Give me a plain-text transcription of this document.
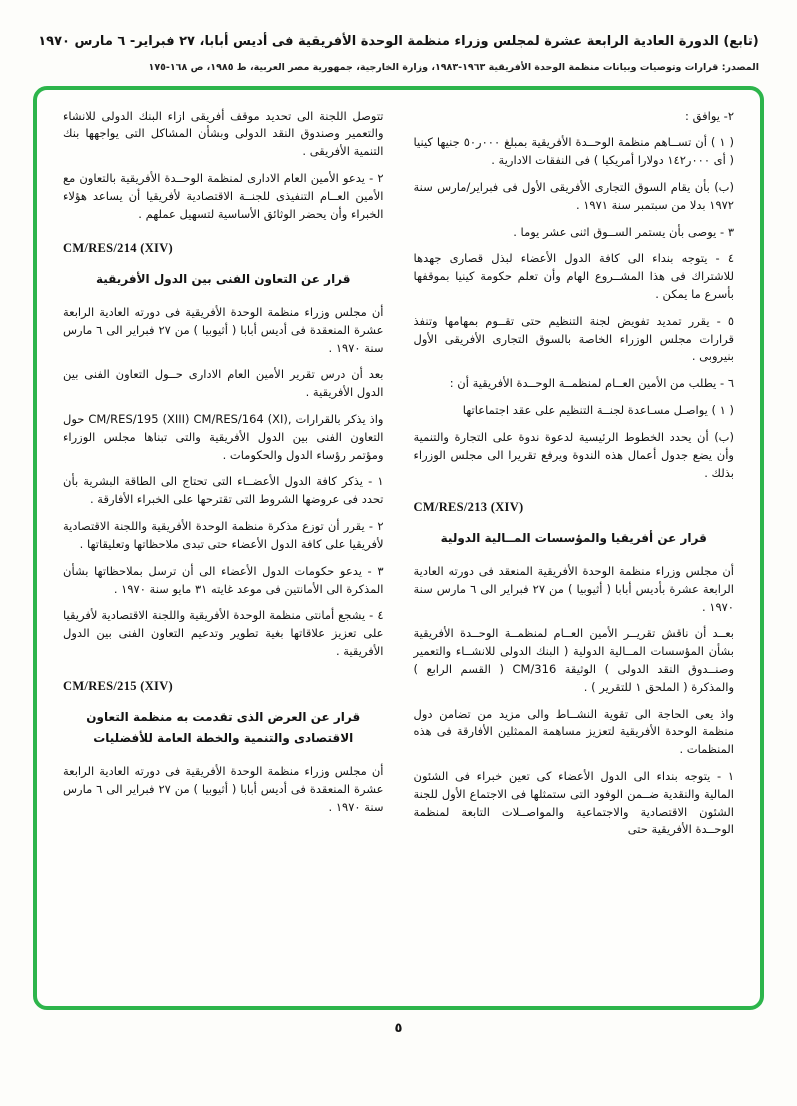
(تابع) الدورة العادية الرابعة عشرة لمجلس وزراء منظمة الوحدة الأفريقية فى أديس أبابا، ٢٧ فبراير- ٦ مارس ١٩٧٠
المصدر: قرارات وتوصيات وبيانات منظمة الوحدة الأفريقية ١٩٦٣-١٩٨٣، وزارة الخارجية، جمهورية مصر العربية، ط ١٩٨٥، ص ١٦٨-١٧٥
٢- يوافق :
( ١ ) أن تســاهم منظمة الوحــدة الأفريقية بمبلغ ٠٠٠ر٥٠ جنيها كينيا ( أى ٠٠٠ر١٤٢ دولارا أمريكيا ) فى النفقات الادارية .
(ب) بأن يقام السوق التجارى الأفريقى الأول فى فبراير/مارس سنة ١٩٧٢ بدلا من سبتمبر سنة ١٩٧١ .
٣ - يوصى بأن يستمر الســوق اثنى عشر يوما .
٤ - يتوجه بنداء الى كافة الدول الأعضاء لبذل قصارى جهدها للاشتراك فى هذا المشــروع الهام وأن تعلم حكومة كينيا بموقفها بأسرع ما يمكن .
٥ - يقرر تمديد تفويض لجنة التنظيم حتى تقــوم بمهامها وتنفذ قرارات مجلس الوزراء الخاصة بالسوق التجارى الأفريقى الأول بنيروبى .
٦ - يطلب من الأمين العــام لمنظمــة الوحــدة الأفريقية أن :
( ١ ) يواصـل مسـاعدة لجنــة التنظيم على عقد اجتماعاتها
(ب) أن يحدد الخطوط الرئيسية لدعوة ندوة على التجارة والتنمية وأن يضع جدول أعمال هذه الندوة ويرفع تقريرا الى مجلس الوزراء بذلك .
CM/RES/213 (XIV)
قرار عن أفريقيا والمؤسسات المــالية الدولية
أن مجلس وزراء منظمة الوحدة الأفريقية المنعقد فى دورته العادية الرابعة عشرة بأديس أبابا ( أثيوبيا ) من ٢٧ فبراير الى ٦ مارس سنة ١٩٧٠ .
بعــد أن ناقش تقريــر الأمين العــام لمنظمــة الوحــدة الأفريقية بشأن المؤسسات المــالية الدولية ( البنك الدولى للانشــاء والتعمير وصنــدوق النقد الدولى ) الوثيقة CM/316 ( القسم الرابع ) والمذكرة ( الملحق ١ للتقرير ) .
واذ يعى الحاجة الى تقوية النشــاط والى مزيد من تضامن دول منظمة الوحدة الأفريقية لتعزيز مساهمة الممثلين الأفارقة فى هذه المنظمات .
١ - يتوجه بنداء الى الدول الأعضاء كى تعين خبراء فى الشئون المالية والنقدية ضــمن الوفود التى ستمثلها فى الاجتماع الأول للجنة الشئون الاقتصادية والاجتماعية والمواصــلات التابعة لمنظمة الوحــدة الأفريقية حتى
تتوصل اللجنة الى تحديد موقف أفريقى ازاء البنك الدولى للانشاء والتعمير وصندوق النقد الدولى وبشأن المشاكل التى يواجهها بنك التنمية الأفريقى .
٢ - يدعو الأمين العام الادارى لمنظمة الوحــدة الأفريقية بالتعاون مع الأمين العــام التنفيذى للجنــة الاقتصادية لأفريقيا أن يساعد هؤلاء الخبراء وأن يحضر الوثائق الأساسية لتسهيل عملهم .
CM/RES/214 (XIV)
قرار عن التعاون الفنى بين الدول الأفريقية
أن مجلس وزراء منظمة الوحدة الأفريقية فى دورته العادية الرابعة عشرة المنعقدة فى أديس أبابا ( أثيوبيا ) من ٢٧ فبراير الى ٦ مارس سنة ١٩٧٠ .
بعد أن درس تقرير الأمين العام الادارى حــول التعاون الفنى بين الدول الأفريقية .
واذ يذكر بالقرارات ,CM/RES/195 (XIII) CM/RES/164 (XI) حول التعاون الفنى بين الدول الأفريقية والتى تبناها مجلس الوزراء ومؤتمر رؤساء الدول والحكومات .
١ - يذكر كافة الدول الأعضــاء التى تحتاج الى الطاقة البشرية بأن تحدد فى عروضها الشروط التى تقترحها على الخبراء الأفارقة .
٢ - يقرر أن توزع مذكرة منظمة الوحدة الأفريقية واللجنة الاقتصادية لأفريقيا على كافة الدول الأعضاء حتى تبدى ملاحظاتها وتعليقاتها .
٣ - يدعو حكومات الدول الأعضاء الى أن ترسل بملاحظاتها بشأن المذكرة الى الأمانتين فى موعد غايته ٣١ مايو سنة ١٩٧٠ .
٤ - يشجع أمانتى منظمة الوحدة الأفريقية واللجنة الاقتصادية لأفريقيا على تعزيز علاقاتها بغية تطوير وتدعيم التعاون الفنى بين الدول الأفريقية .
CM/RES/215 (XIV)
قرار عن العرض الذى تقدمت به منظمة التعاون الاقتصادى والتنمية والخطة العامة للأفضليات
أن مجلس وزراء منظمة الوحدة الأفريقية فى دورته العادية الرابعة عشرة المنعقدة فى أديس أبابا ( أثيوبيا ) من ٢٧ فبراير الى ٦ مارس سنة ١٩٧٠ .
٥
